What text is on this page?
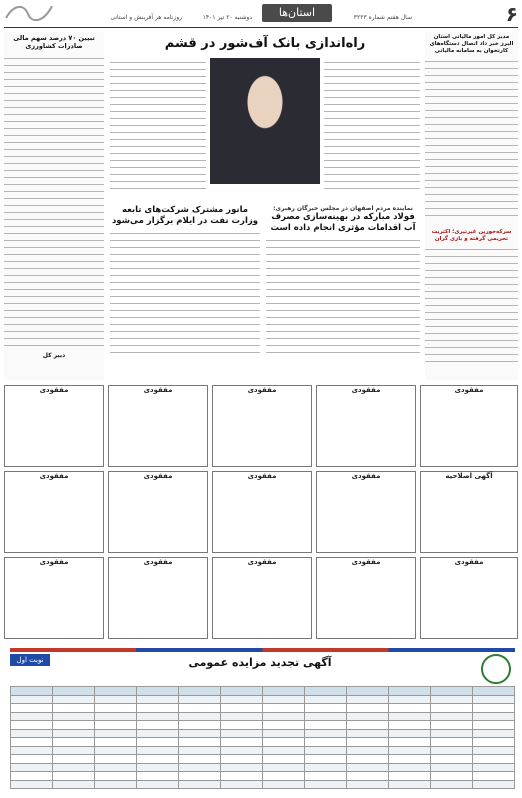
۶
استان‌ها	سال هفتم شماره ۳۲۲۳
دوشنبه ۲۰ تیر ۱۴۰۱
روزنامه هر آفرینش و استانی
تبیین ۷۰ درصد سهم مالی صادرات کشاورزی
دبیر کل
راه‌اندازی بانک آف‌شور در قشم
مانور مشترک شرکت‌های تابعه وزارت نفت در ایلام برگزار می‌شود
نماینده مردم اصفهان در مجلس خبرگان رهبری:
فولاد مبارکه در بهینه‌سازی مصرف آب اقدامات مؤثری انجام داده است
مدیر کل امور مالیاتی استان البرز خبر داد اتصال دستگاه‌های کارتخوان به سامانه مالیاتی
سرکه‌خورین غیرتیری؛ اکثریت تحریمی گرفته و بازی گران
مفقودی	مفقودی	مفقودی	مفقودی	مفقودی
مفقودی	مفقودی	مفقودی	مفقودی	آگهی اصلاحیه
مفقودی	مفقودی	مفقودی	مفقودی	مفقودی
نوبت اول	آگهی تجدید مزایده عمومی
